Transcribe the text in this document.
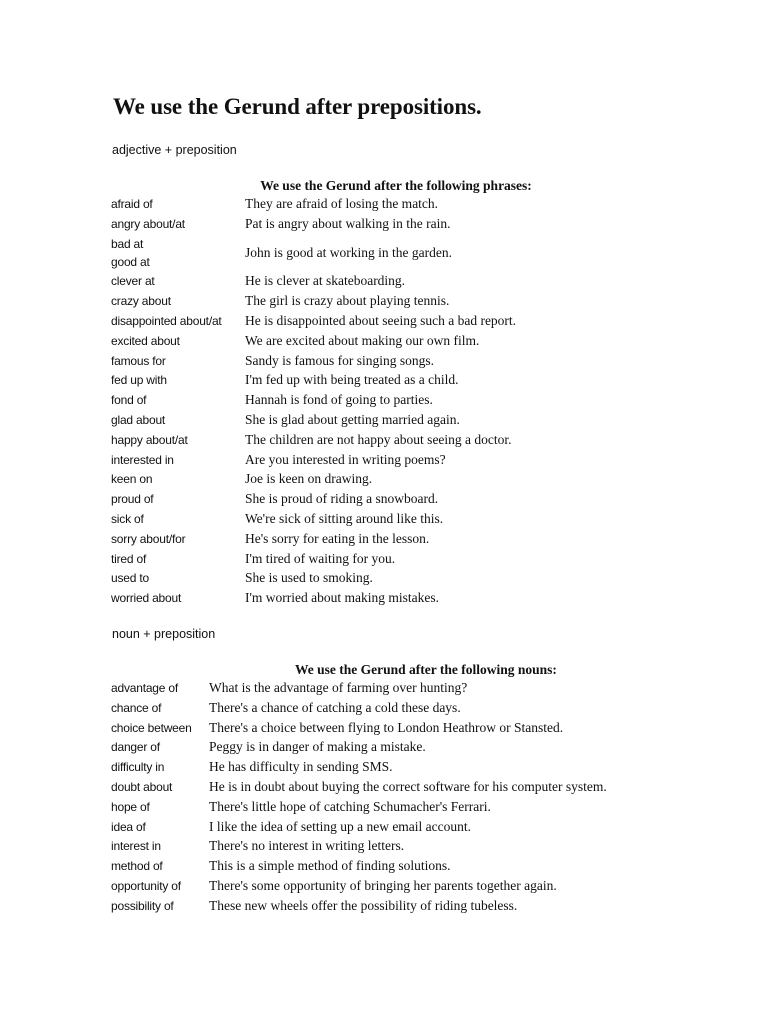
We use the Gerund after prepositions.
adjective + preposition
We use the Gerund after the following phrases:
afraid of	They are afraid of losing the match.
angry about/at	Pat is angry about walking in the rain.

bad at
good at	John is good at working in the garden.
clever at	He is clever at skateboarding.
crazy about	The girl is crazy about playing tennis.
disappointed about/at	He is disappointed about seeing such a bad report.
excited about	We are excited about making our own film.
famous for	Sandy is famous for singing songs.
fed up with	I'm fed up with being treated as a child.
fond of	Hannah is fond of going to parties.
glad about	She is glad about getting married again.
happy about/at	The children are not happy about seeing a doctor.
interested in	Are you interested in writing poems?
keen on	Joe is keen on drawing.
proud of	She is proud of riding a snowboard.
sick of	We're sick of sitting around like this.
sorry about/for	He's sorry for eating in the lesson.
tired of	I'm tired of waiting for you.
used to	She is used to smoking.
worried about	I'm worried about making mistakes.
noun + preposition
We use the Gerund after the following nouns:
advantage of	What is the advantage of farming over hunting?
chance of	There's a chance of catching a cold these days.
choice between	There's a choice between flying to London Heathrow or Stansted.
danger of	Peggy is in danger of making a mistake.
difficulty in	He has difficulty in sending SMS.
doubt about	He is in doubt about buying the correct software for his computer system.
hope of	There's little hope of catching Schumacher's Ferrari.
idea of	I like the idea of setting up a new email account.
interest in	There's no interest in writing letters.
method of	This is a simple method of finding solutions.
opportunity of	There's some opportunity of bringing her parents together again.
possibility of	These new wheels offer the possibility of riding tubeless.
